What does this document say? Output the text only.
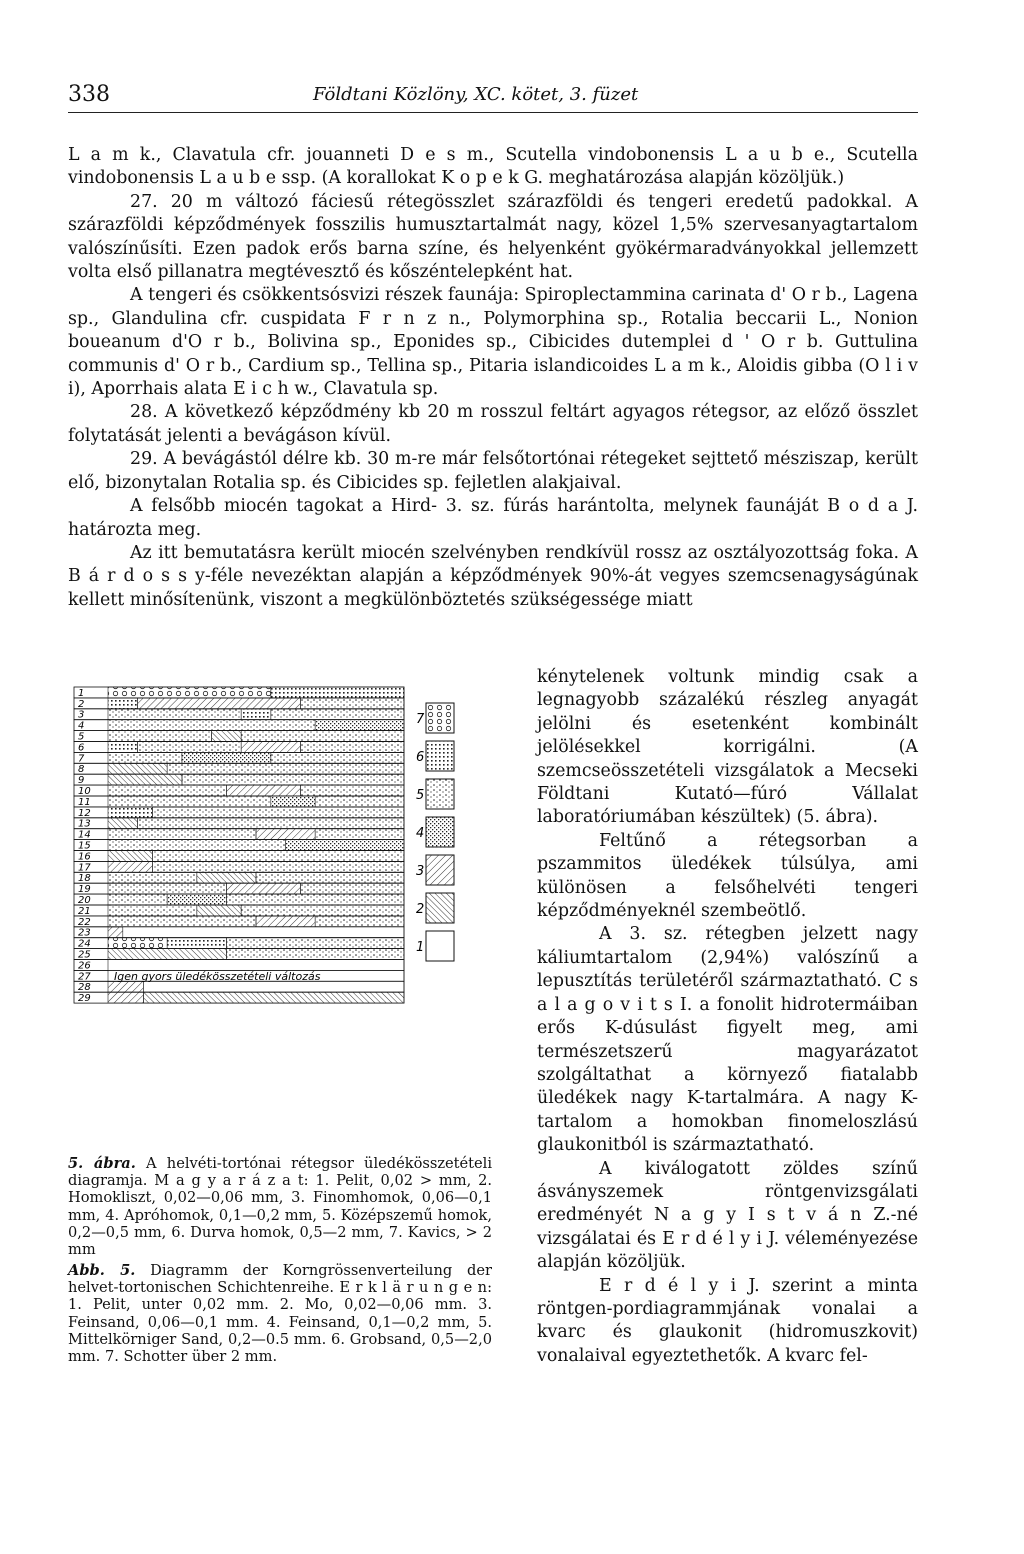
338	Földtani Közlöny, XC. kötet, 3. füzet

L a m k., Clavatula cfr. jouanneti D e s m., Scutella vindobonensis L a u b e., Scutella vindobonensis L a u b e ssp. (A korallokat K o p e k G. meghatározása alapján közöljük.)

27. 20 m változó fáciesű rétegösszlet szárazföldi és tengeri eredetű padokkal. A szárazföldi képződmények fosszilis humusztartalmát nagy, közel 1,5% szervesanyagtartalom valószínűsíti. Ezen padok erős barna színe, és helyenként gyökérmaradványokkal jellemzett volta első pillanatra megtévesztő és kőszéntelepként hat.

A tengeri és csökkentsósvizi részek faunája: Spiroplectammina carinata d' O r b., Lagena sp., Glandulina cfr. cuspidata F r n z n., Polymorphina sp., Rotalia beccarii L., Nonion boueanum d'O r b., Bolivina sp., Eponides sp., Cibicides dutemplei d ' O r b. Guttulina communis d' O r b., Cardium sp., Tellina sp., Pitaria islandicoides L a m k., Aloidis gibba (O l i v i), Aporrhais alata E i c h w., Clavatula sp.

28. A következő képződmény kb 20 m rosszul feltárt agyagos rétegsor, az előző összlet folytatását jelenti a bevágáson kívül.

29. A bevágástól délre kb. 30 m-re már felsőtortónai rétegeket sejttető mésziszap, került elő, bizonytalan Rotalia sp. és Cibicides sp. fejletlen alakjaival.

A felsőbb miocén tagokat a Hird- 3. sz. fúrás harántolta, melynek faunáját B o d a J. határozta meg.

Az itt bemutatásra került miocén szelvényben rendkívül rossz az osztályozottság foka. A B á r d o s s y-féle nevezéktan alapján a képződmények 90%-át vegyes szemcsenagyságúnak kellett minősítenünk, viszont a megkülönböztetés szükségessége miatt

kénytelenek voltunk mindig csak a legnagyobb százalékú részleg anyagát jelölni és esetenként kombinált jelölésekkel korrigálni. (A szemcseösszetételi vizsgálatok a Mecseki Földtani Kutató—fúró Vállalat laboratóriumában készültek) (5. ábra).

Feltűnő a rétegsorban a pszammitos üledékek túlsúlya, ami különösen a felsőhelvéti tengeri képződményeknél szembeötlő.

A 3. sz. rétegben jelzett nagy káliumtartalom (2,94%) valószínű a lepusztítás területéről származtatható. C s a l a g o v i t s I. a fonolit hidrotermáiban erős K-dúsulást figyelt meg, ami természetszerű magyarázatot szolgáltathat a környező fiatalabb üledékek nagy K-tartalmára. A nagy K-tartalom a homokban finomeloszlású glaukonitból is származtatható.

A kiválogatott zöldes színű ásványszemek röntgenvizsgálati eredményét N a g y I s t v á n Z.-né vizsgálatai és E r d é l y i J. véleményezése alapján közöljük.

E r d é l y i J. szerint a minta röntgen-pordiagrammjának vonalai a kvarc és glaukonit (hidromuszkovit) vonalaival egyeztethetők. A kvarc fel-

1
2
3
4
5
6
7
8
9
10
11
12
13
14
15
16
17
18
19
20
21
22
23
24
25
26
27
28
29
Igen gyors üledékösszetételi változás
7
6
5
4
3
2
1

5. ábra. A helvéti-tortónai rétegsor üledékösszetételi diagramja. M a g y a r á z a t: 1. Pelit, 0,02 > mm, 2. Homokliszt, 0,02—0,06 mm, 3. Finomhomok, 0,06—0,1 mm, 4. Apróhomok, 0,1—0,2 mm, 5. Középszemű homok, 0,2—0,5 mm, 6. Durva homok, 0,5—2 mm, 7. Kavics, > 2 mm

Abb. 5. Diagramm der Korngrössenverteilung der helvet-tortonischen Schichtenreihe. E r k l ä r u n g e n: 1. Pelit, unter 0,02 mm. 2. Mo, 0,02—0,06 mm. 3. Feinsand, 0,06—0,1 mm. 4. Feinsand, 0,1—0,2 mm, 5. Mittelkörniger Sand, 0,2—0.5 mm. 6. Grobsand, 0,5—2,0 mm. 7. Schotter über 2 mm.
